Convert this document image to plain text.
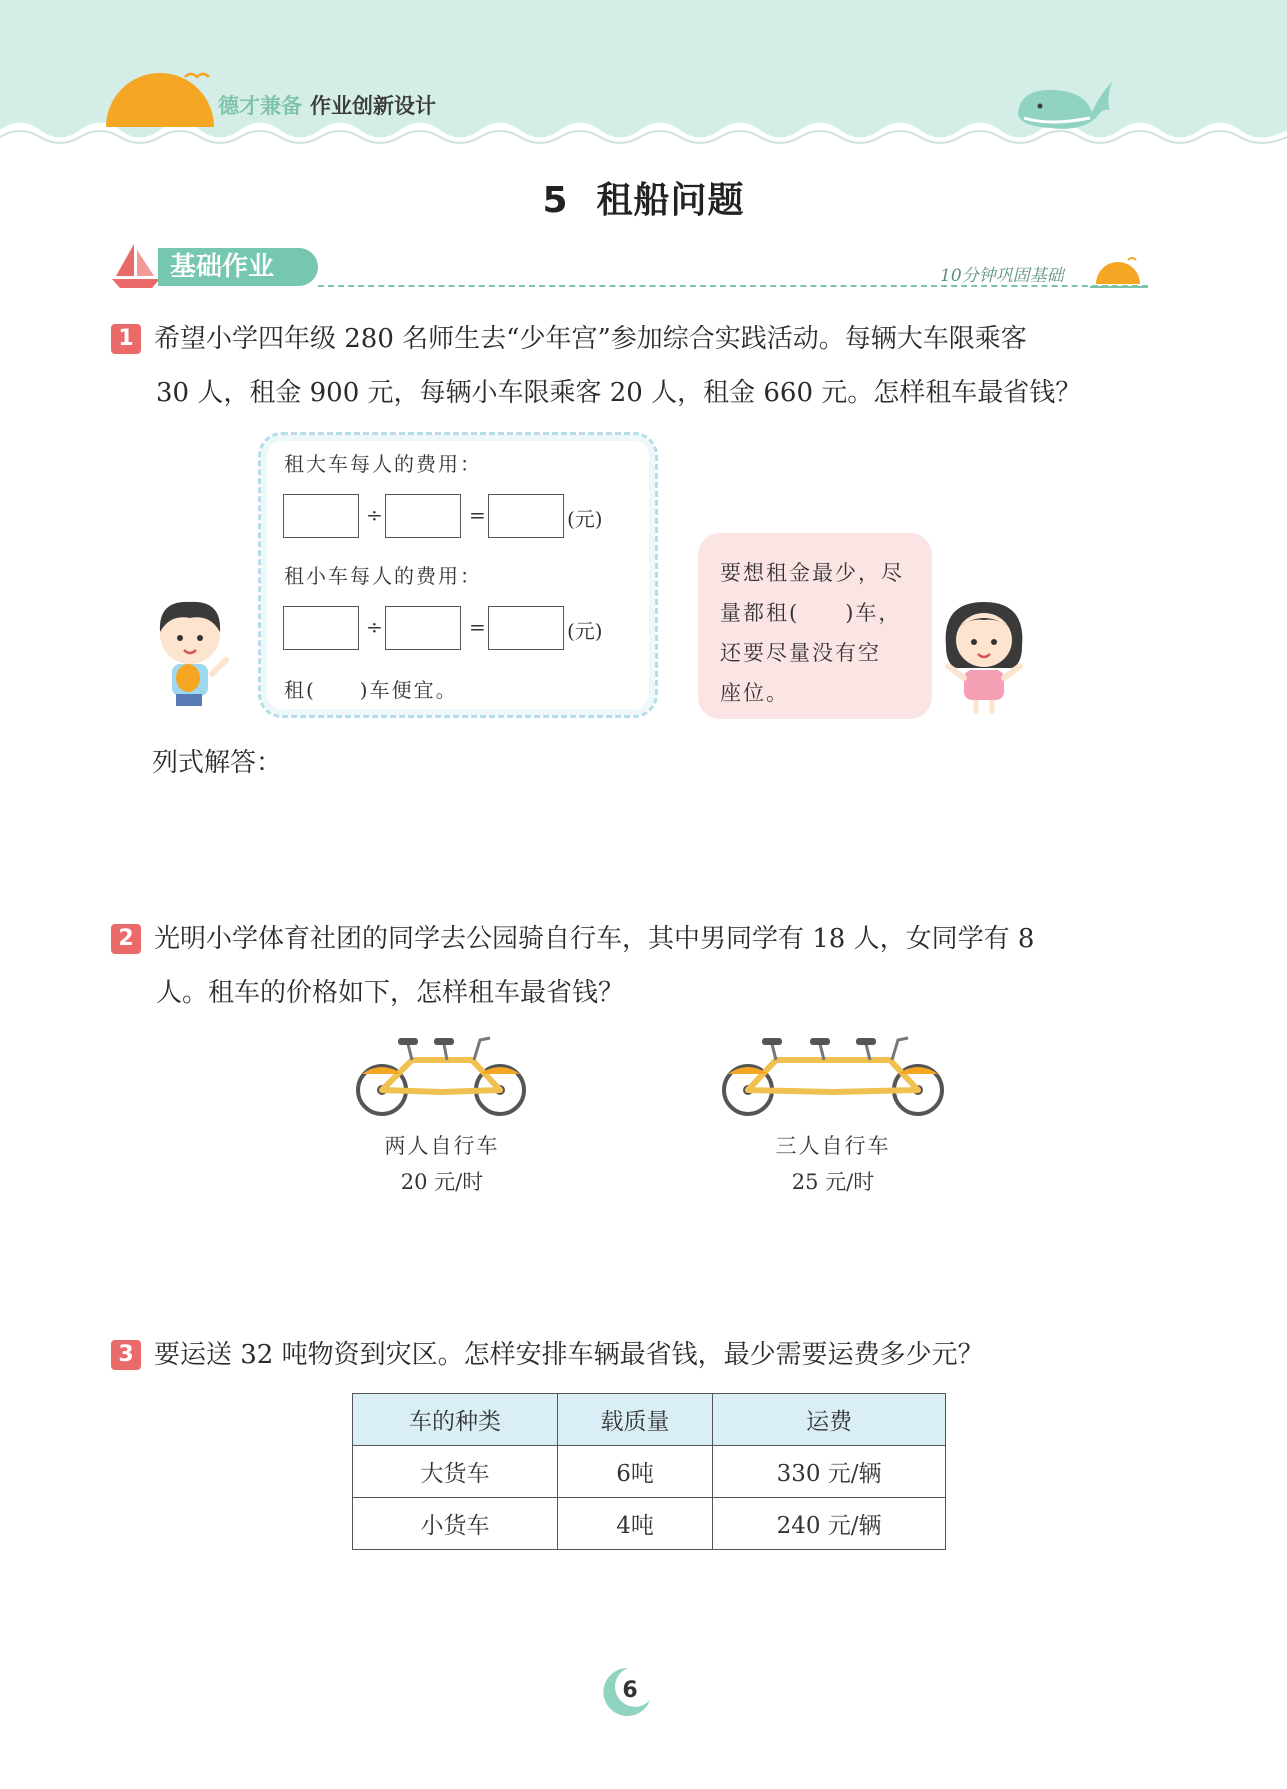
德才兼备 作业创新设计
5 租船问题
基础作业	10分钟巩固基础
1 希望小学四年级 280 名师生去“少年宫”参加综合实践活动。每辆大车限乘客
30 人，租金 900 元，每辆小车限乘客 20 人，租金 660 元。怎样租车最省钱？
租大车每人的费用：
÷	=	(元)
租小车每人的费用：
÷	=	(元)
租(　　)车便宜。
要想租金最少，尽
量都租(　　)车，
还要尽量没有空
座位。
列式解答：
2 光明小学体育社团的同学去公园骑自行车，其中男同学有 18 人，女同学有 8
人。租车的价格如下，怎样租车最省钱？
两人自行车
20 元/时
三人自行车
25 元/时
3 要运送 32 吨物资到灾区。怎样安排车辆最省钱，最少需要运费多少元？
车的种类	载质量	运费
大货车	6吨	330 元/辆
小货车	4吨	240 元/辆
6
